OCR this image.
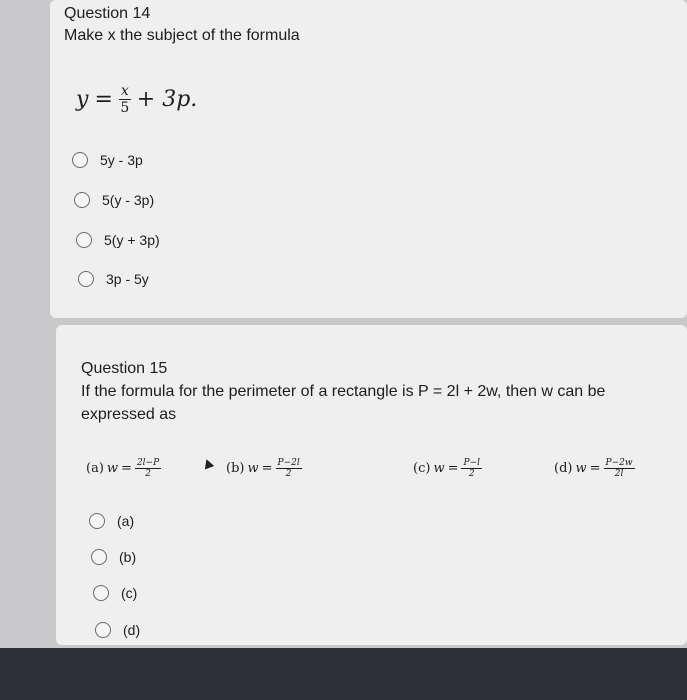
Question 14
Make x the subject of the formula
$y = \frac{x}{5} + 3p$.
5y - 3p
5(y - 3p)
5(y + 3p)
3p - 5y
Question 15
If the formula for the perimeter of a rectangle is P = 2l + 2w, then w can be
expressed as
(a) $w = \frac{2l-P}{2}$	(b) $w = \frac{P-2l}{2}$	(c) $w = \frac{P-l}{2}$	(d) $w = \frac{P-2w}{2l}$
(a)
(b)
(c)
(d)
